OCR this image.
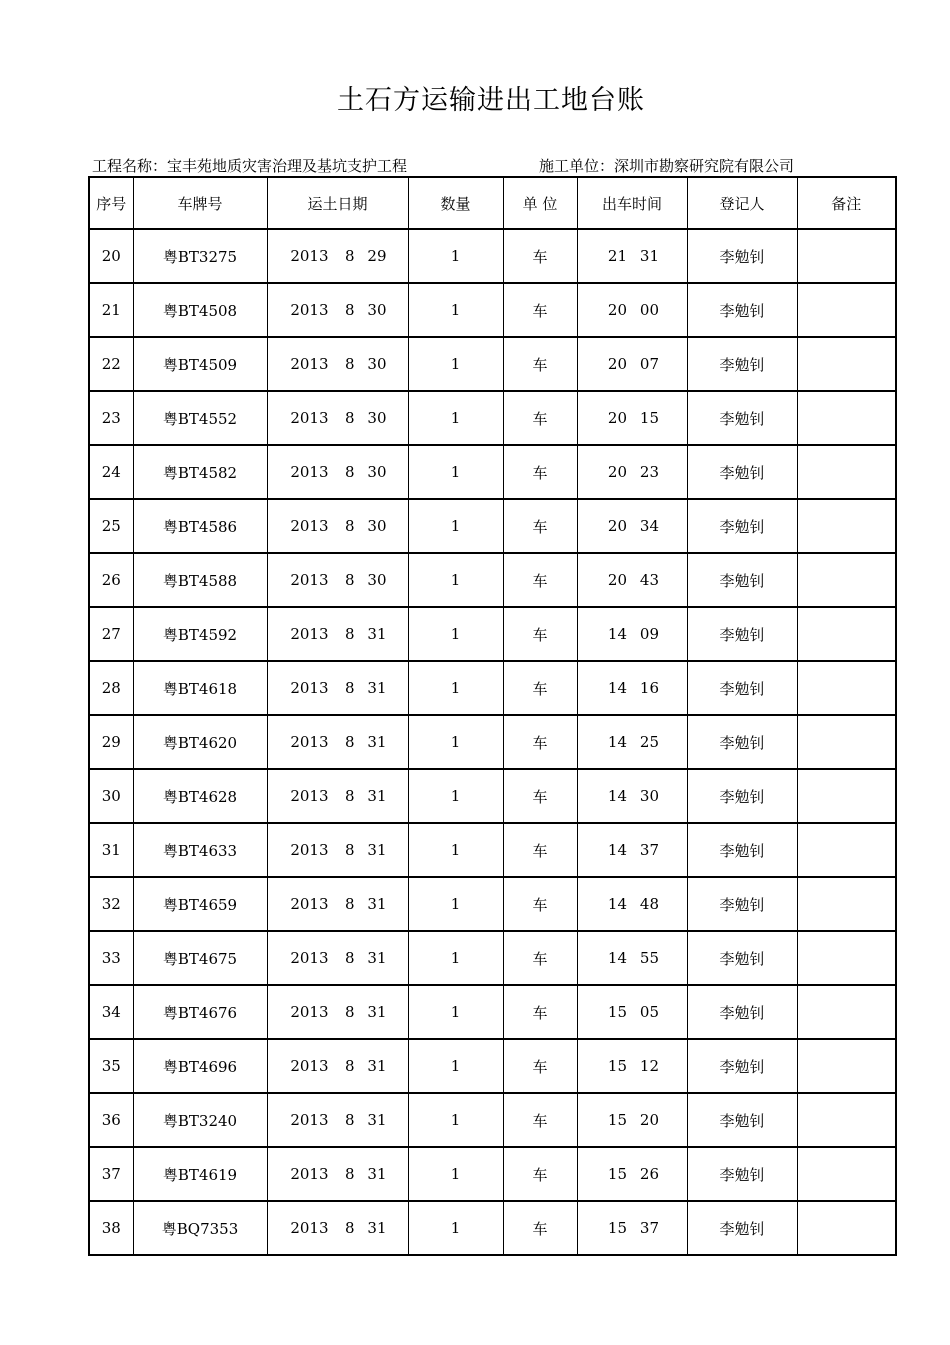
土石方运输进出工地台账
工程名称：宝丰苑地质灾害治理及基坑支护工程	施工单位：深圳市勘察研究院有限公司
序号	车牌号	运土日期	数量	单 位	出车时间	登记人	备注
20	粤BT3275	2013 8 29	1	车	21 31	李勉钊	
21	粤BT4508	2013 8 30	1	车	20 00	李勉钊	
22	粤BT4509	2013 8 30	1	车	20 07	李勉钊	
23	粤BT4552	2013 8 30	1	车	20 15	李勉钊	
24	粤BT4582	2013 8 30	1	车	20 23	李勉钊	
25	粤BT4586	2013 8 30	1	车	20 34	李勉钊	
26	粤BT4588	2013 8 30	1	车	20 43	李勉钊	
27	粤BT4592	2013 8 31	1	车	14 09	李勉钊	
28	粤BT4618	2013 8 31	1	车	14 16	李勉钊	
29	粤BT4620	2013 8 31	1	车	14 25	李勉钊	
30	粤BT4628	2013 8 31	1	车	14 30	李勉钊	
31	粤BT4633	2013 8 31	1	车	14 37	李勉钊	
32	粤BT4659	2013 8 31	1	车	14 48	李勉钊	
33	粤BT4675	2013 8 31	1	车	14 55	李勉钊	
34	粤BT4676	2013 8 31	1	车	15 05	李勉钊	
35	粤BT4696	2013 8 31	1	车	15 12	李勉钊	
36	粤BT3240	2013 8 31	1	车	15 20	李勉钊	
37	粤BT4619	2013 8 31	1	车	15 26	李勉钊	
38	粤BQ7353	2013 8 31	1	车	15 37	李勉钊	
